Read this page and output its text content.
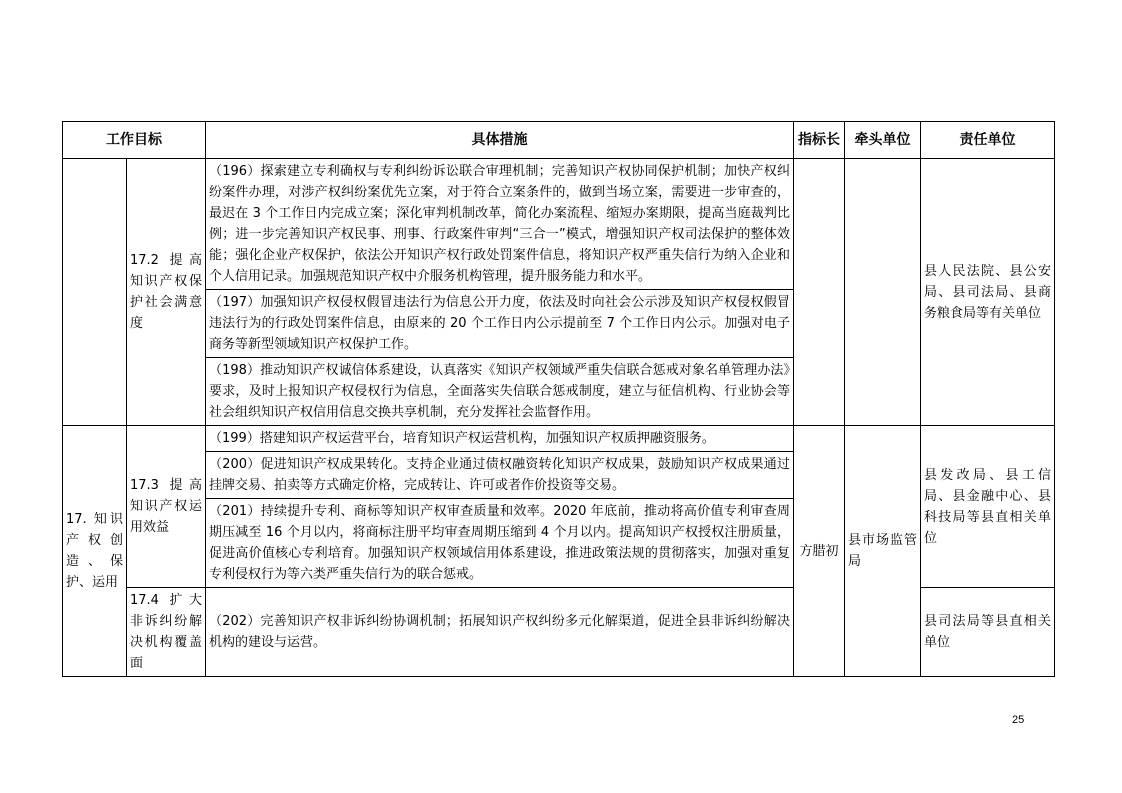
工作目标		具体措施	指标长	牵头单位	责任单位
	17.2 提高知识产权保护社会满意度	（196）探索建立专利确权与专利纠纷诉讼联合审理机制；完善知识产权协同保护机制；加快产权纠纷案件办理，对涉产权纠纷案优先立案，对于符合立案条件的，做到当场立案，需要进一步审查的，最迟在 3 个工作日内完成立案；深化审判机制改革，简化办案流程、缩短办案期限，提高当庭裁判比例；进一步完善知识产权民事、刑事、行政案件审判“三合一”模式，增强知识产权司法保护的整体效能；强化企业产权保护，依法公开知识产权行政处罚案件信息，将知识产权严重失信行为纳入企业和个人信用记录。加强规范知识产权中介服务机构管理，提升服务能力和水平。			县人民法院、县公安局、县司法局、县商务粮食局等有关单位
		（197）加强知识产权侵权假冒违法行为信息公开力度，依法及时向社会公示涉及知识产权侵权假冒违法行为的行政处罚案件信息，由原来的 20 个工作日内公示提前至 7 个工作日内公示。加强对电子商务等新型领域知识产权保护工作。			
		（198）推动知识产权诚信体系建设，认真落实《知识产权领域严重失信联合惩戒对象名单管理办法》要求，及时上报知识产权侵权行为信息，全面落实失信联合惩戒制度，建立与征信机构、行业协会等社会组织知识产权信用信息交换共享机制，充分发挥社会监督作用。			
17. 知识产权创造、保护、运用	17.3 提高知识产权运用效益	（199）搭建知识产权运营平台，培育知识产权运营机构，加强知识产权质押融资服务。	方腊初	县市场监管局	县发改局、县工信局、县金融中心、县科技局等县直相关单位
		（200）促进知识产权成果转化。支持企业通过债权融资转化知识产权成果，鼓励知识产权成果通过挂牌交易、拍卖等方式确定价格，完成转让、许可或者作价投资等交易。			
		（201）持续提升专利、商标等知识产权审查质量和效率。2020 年底前，推动将高价值专利审查周期压减至 16 个月以内，将商标注册平均审查周期压缩到 4 个月以内。提高知识产权授权注册质量，促进高价值核心专利培育。加强知识产权领域信用体系建设，推进政策法规的贯彻落实，加强对重复专利侵权行为等六类严重失信行为的联合惩戒。			
	17.4 扩大非诉纠纷解决机构覆盖面	（202）完善知识产权非诉纠纷协调机制；拓展知识产权纠纷多元化解渠道，促进全县非诉纠纷解决机构的建设与运营。			县司法局等县直相关单位

25
